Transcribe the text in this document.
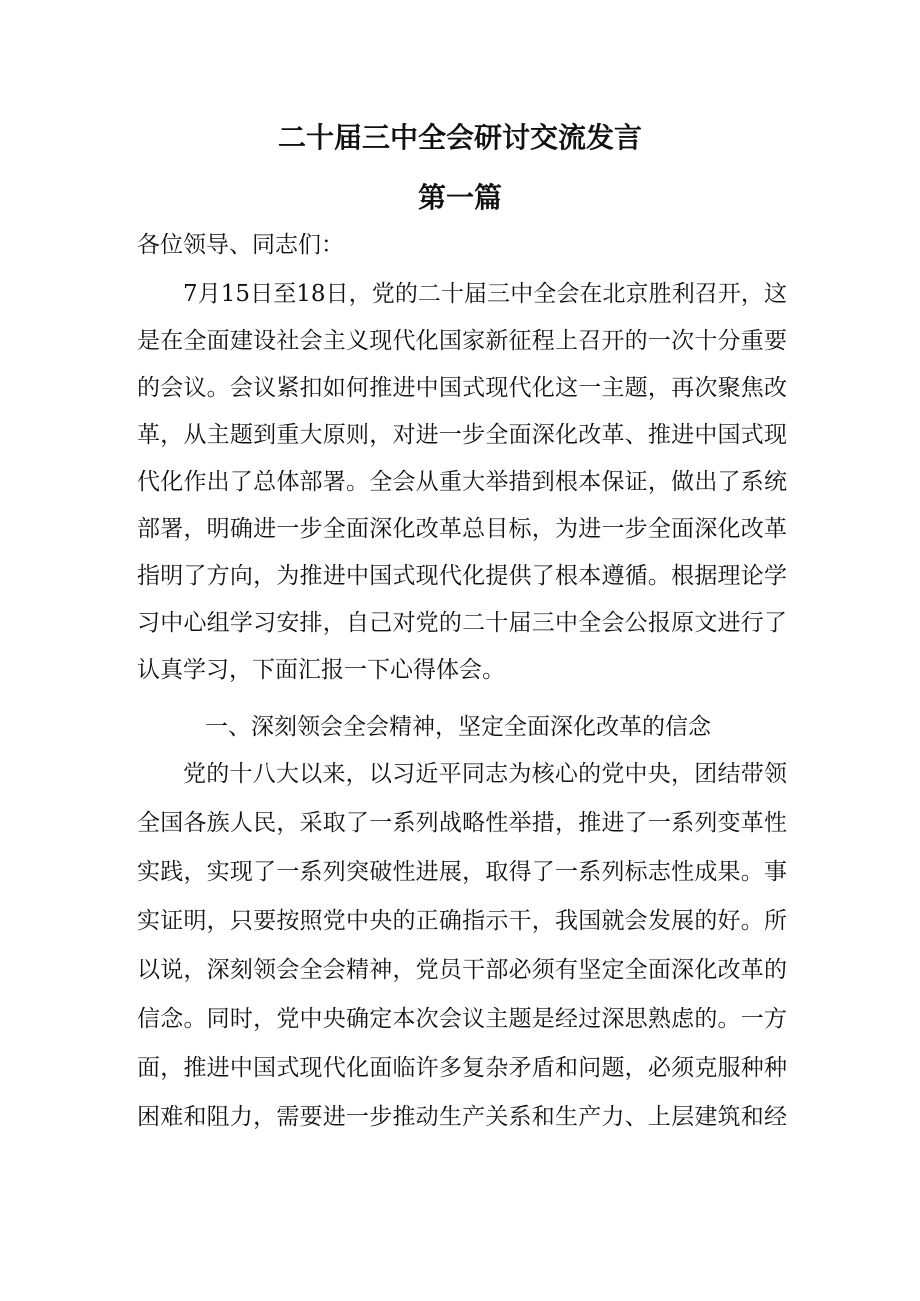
二十届三中全会研讨交流发言
第一篇
各位领导、同志们：
7月15日至18日，党的二十届三中全会在北京胜利召开，这
是在全面建设社会主义现代化国家新征程上召开的一次十分重要
的会议。会议紧扣如何推进中国式现代化这一主题，再次聚焦改
革，从主题到重大原则，对进一步全面深化改革、推进中国式现
代化作出了总体部署。全会从重大举措到根本保证，做出了系统
部署，明确进一步全面深化改革总目标，为进一步全面深化改革
指明了方向，为推进中国式现代化提供了根本遵循。根据理论学
习中心组学习安排，自己对党的二十届三中全会公报原文进行了
认真学习，下面汇报一下心得体会。
一、深刻领会全会精神，坚定全面深化改革的信念
党的十八大以来，以习近平同志为核心的党中央，团结带领
全国各族人民，采取了一系列战略性举措，推进了一系列变革性
实践，实现了一系列突破性进展，取得了一系列标志性成果。事
实证明，只要按照党中央的正确指示干，我国就会发展的好。所
以说，深刻领会全会精神，党员干部必须有坚定全面深化改革的
信念。同时，党中央确定本次会议主题是经过深思熟虑的。一方
面，推进中国式现代化面临许多复杂矛盾和问题，必须克服种种
困难和阻力，需要进一步推动生产关系和生产力、上层建筑和经
